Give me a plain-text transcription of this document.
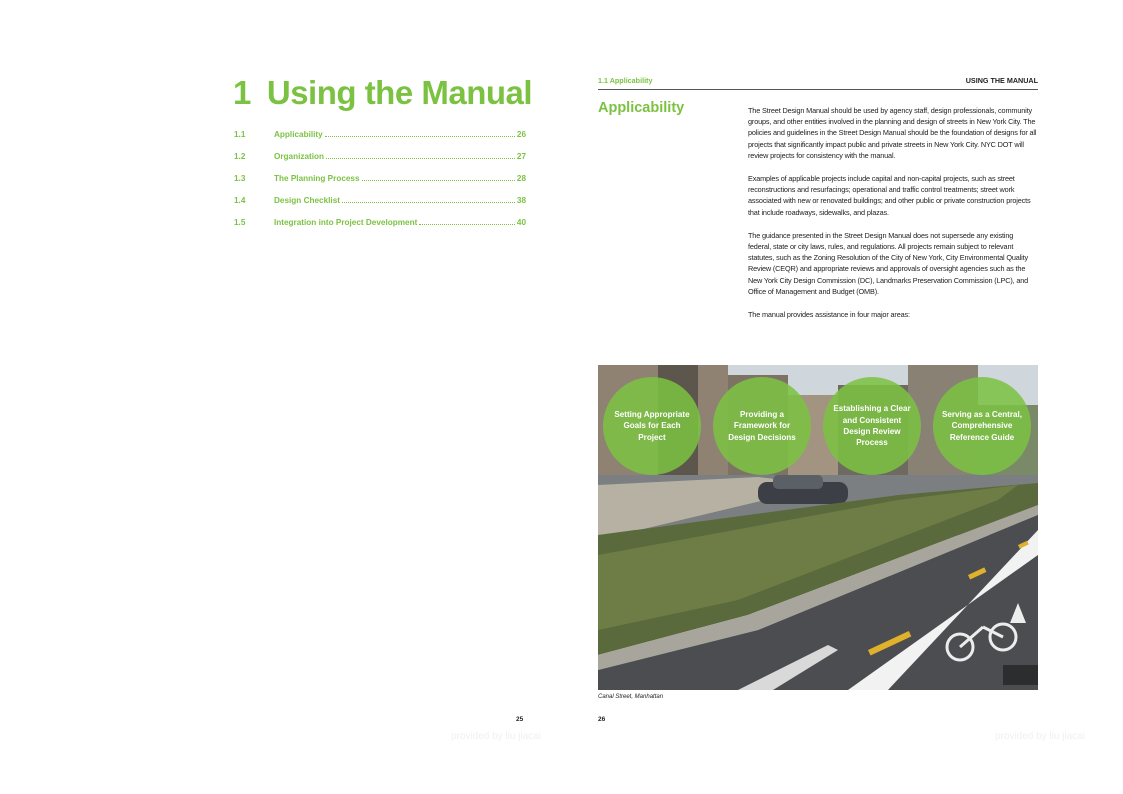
1 Using the Manual
1.1	Applicability	26
1.2	Organization	27
1.3	The Planning Process	28
1.4	Design Checklist	38
1.5	Integration into Project Development	40
25
provided by liu jiacai
1.1 Applicability	USING THE MANUAL
Applicability	The Street Design Manual should be used by agency staff, design professionals, community groups, and other entities involved in the planning and design of streets in New York City. The policies and guidelines in the Street Design Manual should be the foundation of designs for all projects that significantly impact public and private streets in New York City. NYC DOT will review projects for consistency with the manual.

Examples of applicable projects include capital and non-capital projects, such as street reconstructions and resurfacings; operational and traffic control treatments; street work associated with new or renovated buildings; and other public or private construction projects that include roadways, sidewalks, and plazas.

The guidance presented in the Street Design Manual does not supersede any existing federal, state or city laws, rules, and regulations. All projects remain subject to relevant statutes, such as the Zoning Resolution of the City of New York, City Environmental Quality Review (CEQR) and appropriate reviews and approvals of oversight agencies such as the New York City Design Commission (DC), Landmarks Preservation Commission (LPC), and Office of Management and Budget (OMB).

The manual provides assistance in four major areas:

Setting Appropriate Goals for Each Project
Providing a Framework for Design Decisions
Establishing a Clear and Consistent Design Review Process
Serving as a Central, Comprehensive Reference Guide
Canal Street, Manhattan
26
provided by liu jiacai
